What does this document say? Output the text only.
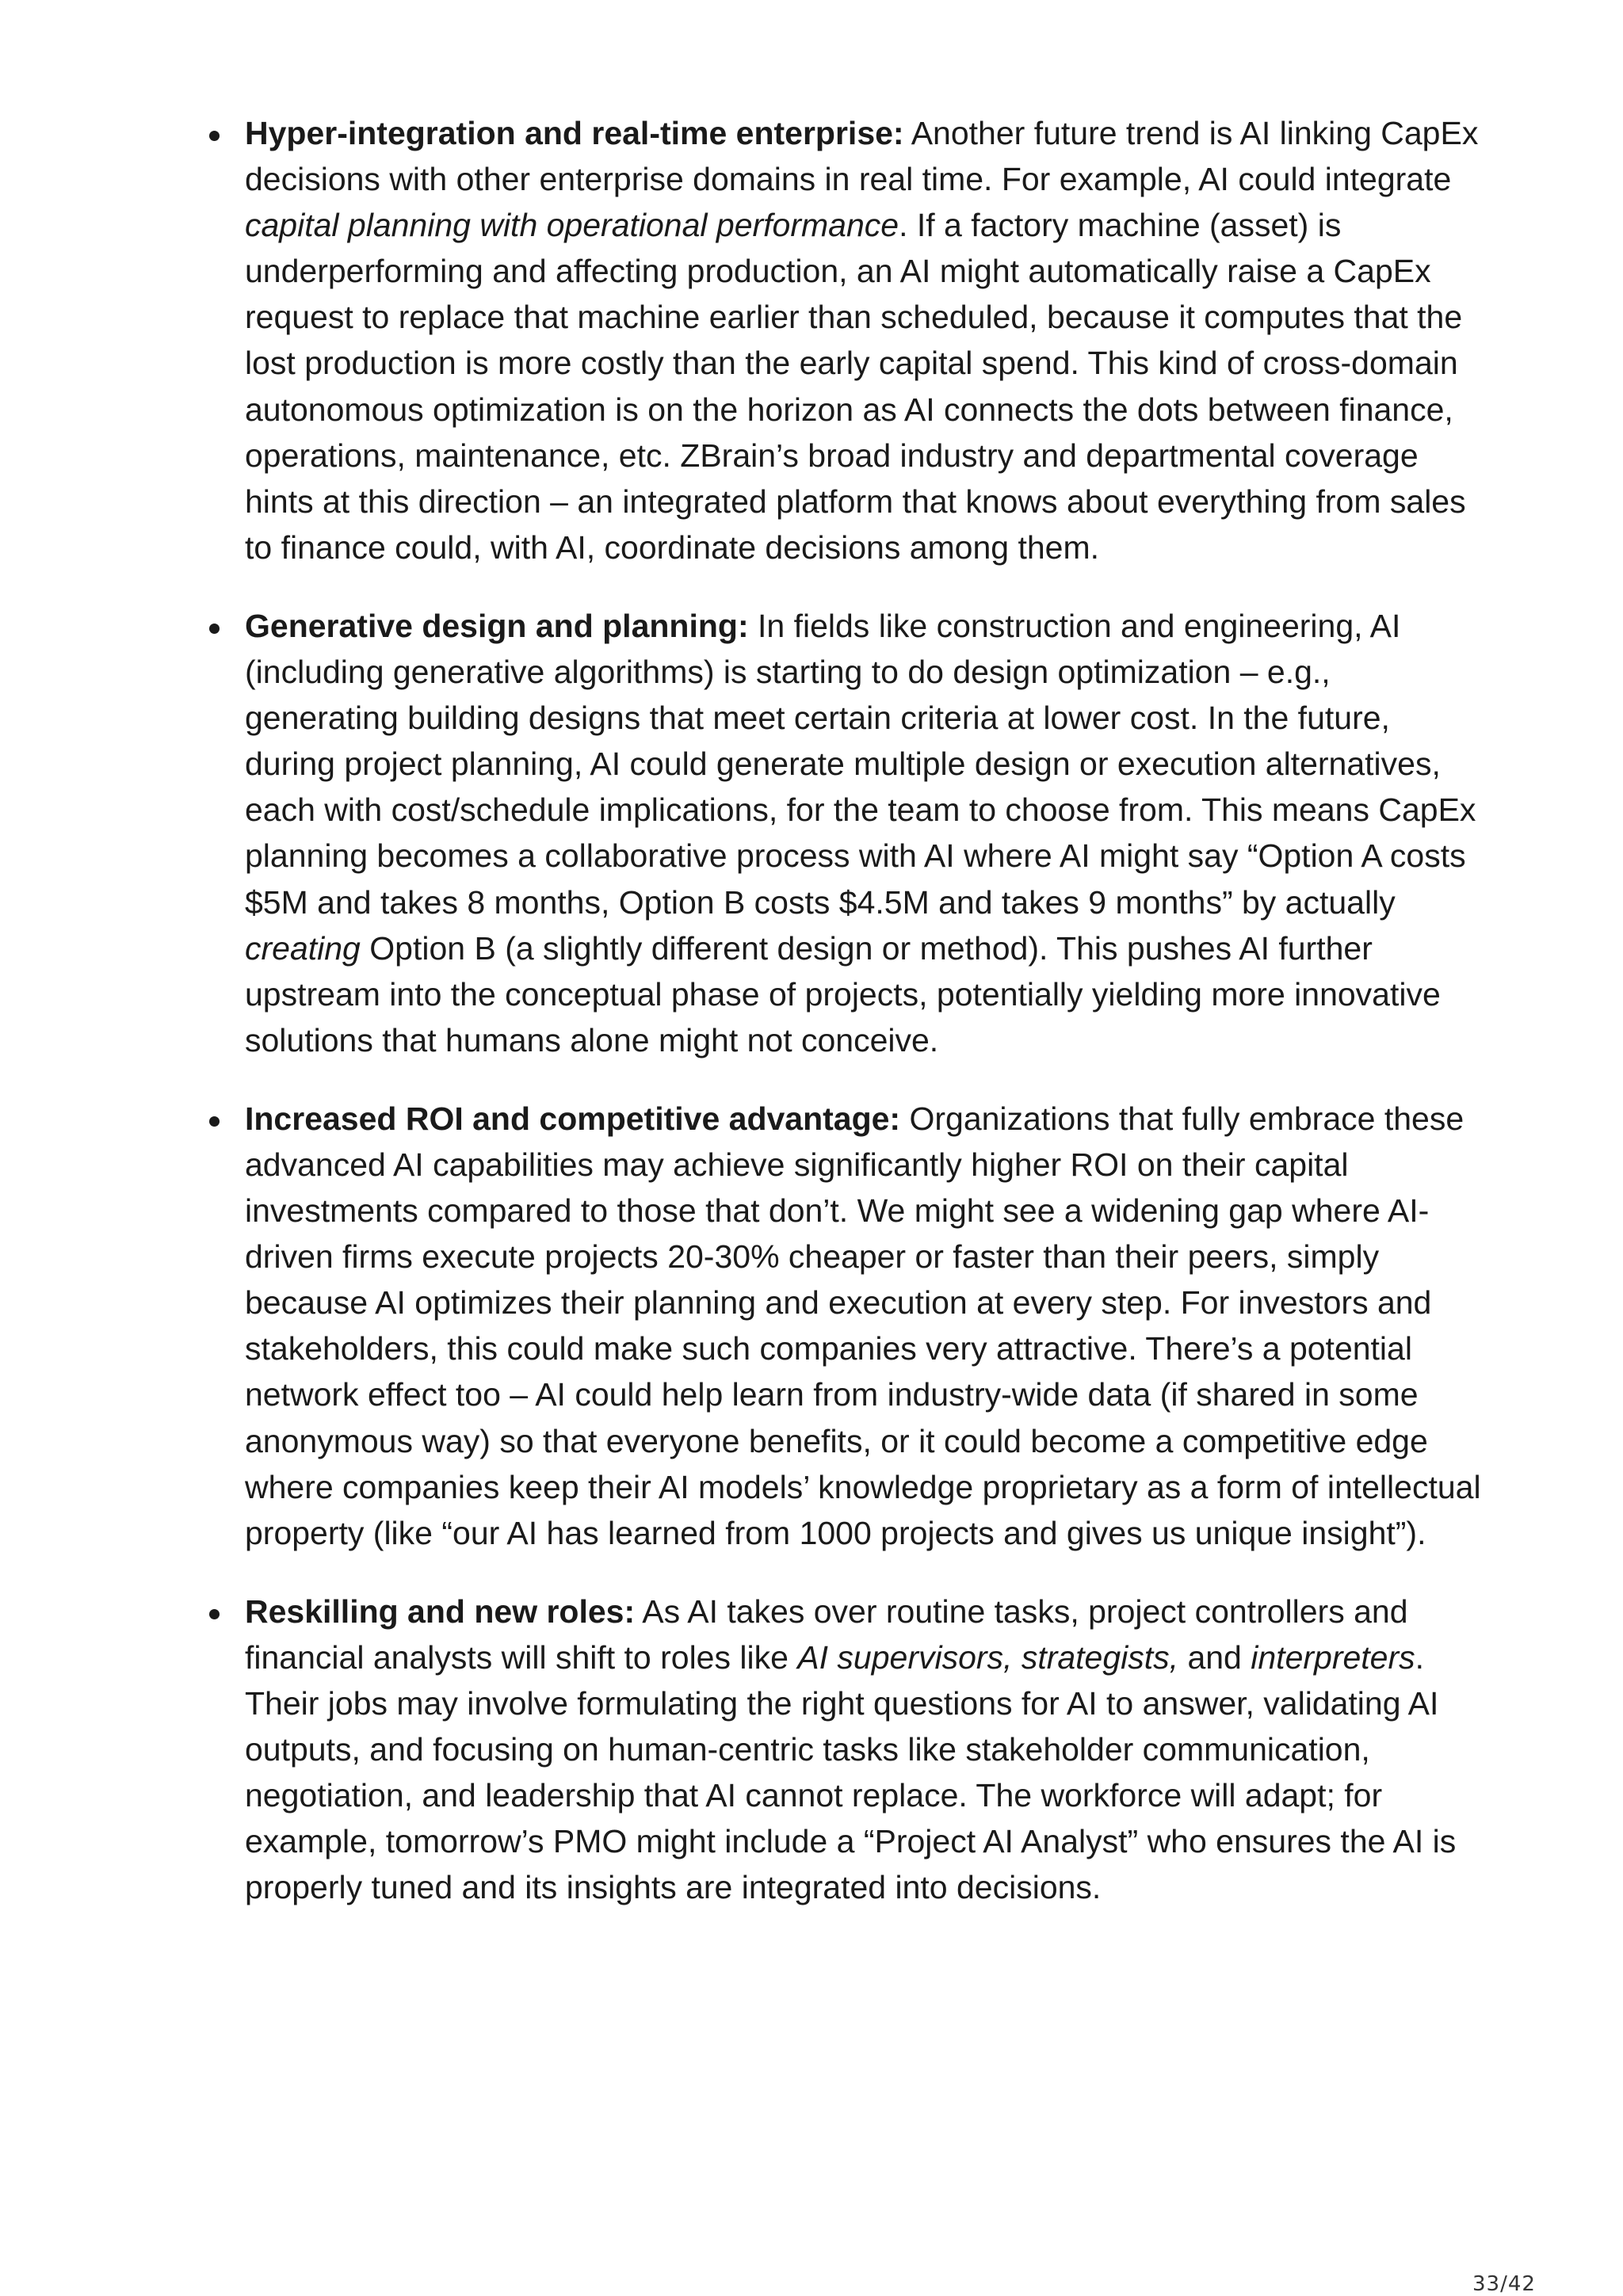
Hyper-integration and real-time enterprise: Another future trend is AI linking CapEx decisions with other enterprise domains in real time. For example, AI could integrate capital planning with operational performance. If a factory machine (asset) is underperforming and affecting production, an AI might automatically raise a CapEx request to replace that machine earlier than scheduled, because it computes that the lost production is more costly than the early capital spend. This kind of cross-domain autonomous optimization is on the horizon as AI connects the dots between finance, operations, maintenance, etc. ZBrain’s broad industry and departmental coverage hints at this direction – an integrated platform that knows about everything from sales to finance could, with AI, coordinate decisions among them.
Generative design and planning: In fields like construction and engineering, AI (including generative algorithms) is starting to do design optimization – e.g., generating building designs that meet certain criteria at lower cost. In the future, during project planning, AI could generate multiple design or execution alternatives, each with cost/schedule implications, for the team to choose from. This means CapEx planning becomes a collaborative process with AI where AI might say “Option A costs $5M and takes 8 months, Option B costs $4.5M and takes 9 months” by actually creating Option B (a slightly different design or method). This pushes AI further upstream into the conceptual phase of projects, potentially yielding more innovative solutions that humans alone might not conceive.
Increased ROI and competitive advantage: Organizations that fully embrace these advanced AI capabilities may achieve significantly higher ROI on their capital investments compared to those that don’t. We might see a widening gap where AI-driven firms execute projects 20-30% cheaper or faster than their peers, simply because AI optimizes their planning and execution at every step. For investors and stakeholders, this could make such companies very attractive. There’s a potential network effect too – AI could help learn from industry-wide data (if shared in some anonymous way) so that everyone benefits, or it could become a competitive edge where companies keep their AI models’ knowledge proprietary as a form of intellectual property (like “our AI has learned from 1000 projects and gives us unique insight”).
Reskilling and new roles: As AI takes over routine tasks, project controllers and financial analysts will shift to roles like AI supervisors, strategists, and interpreters. Their jobs may involve formulating the right questions for AI to answer, validating AI outputs, and focusing on human-centric tasks like stakeholder communication, negotiation, and leadership that AI cannot replace. The workforce will adapt; for example, tomorrow’s PMO might include a “Project AI Analyst” who ensures the AI is properly tuned and its insights are integrated into decisions.
33/42
